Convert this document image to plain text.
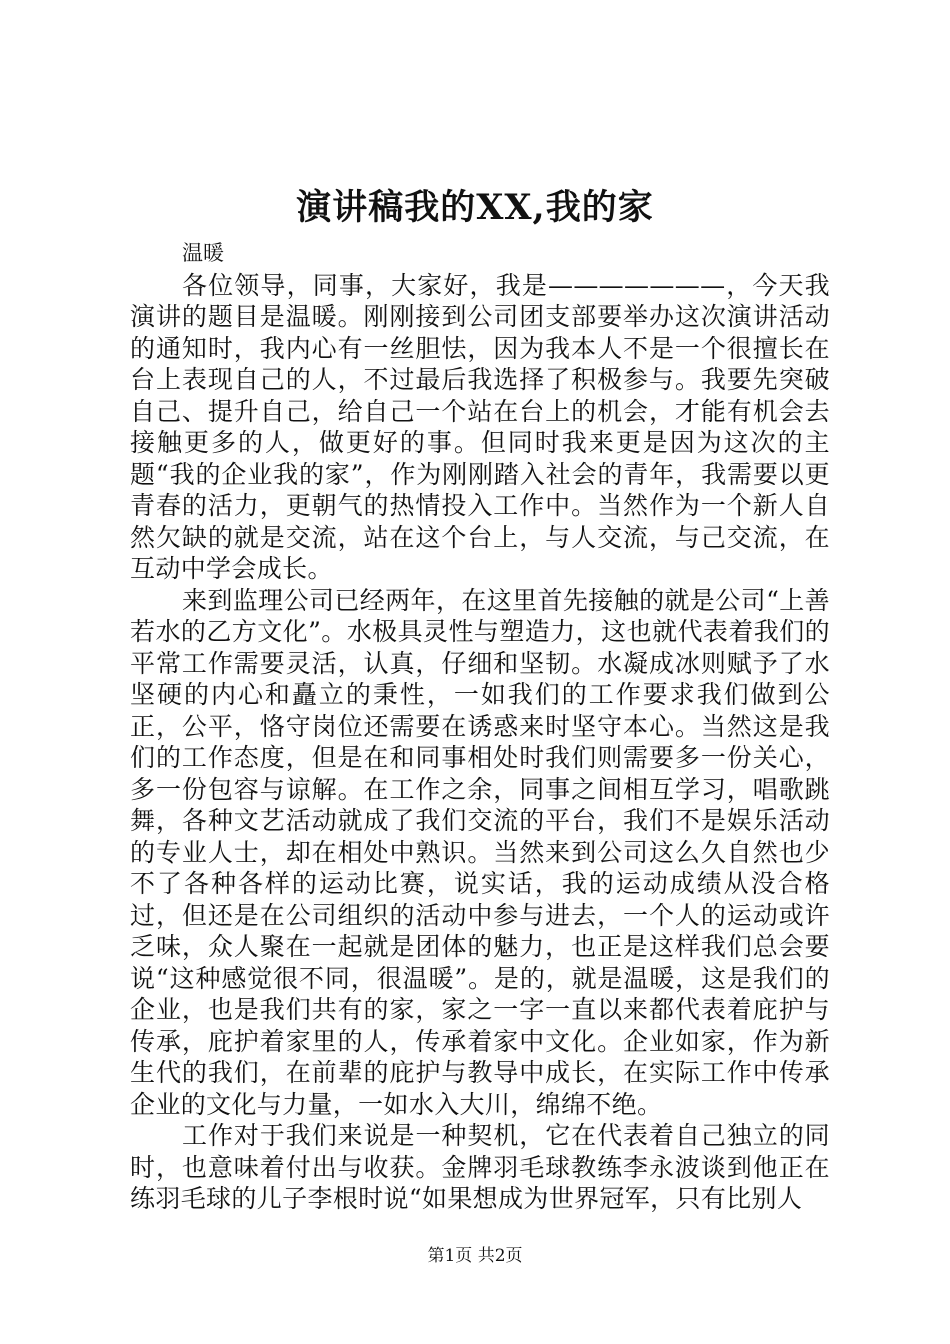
演讲稿我的XX,我的家

温暖

各位领导，同事，大家好，我是———————，今天我演讲的题目是温暖。刚刚接到公司团支部要举办这次演讲活动的通知时，我内心有一丝胆怯，因为我本人不是一个很擅长在台上表现自己的人，不过最后我选择了积极参与。我要先突破自己、提升自己，给自己一个站在台上的机会，才能有机会去接触更多的人，做更好的事。但同时我来更是因为这次的主题“我的企业我的家”，作为刚刚踏入社会的青年，我需要以更青春的活力，更朝气的热情投入工作中。当然作为一个新人自然欠缺的就是交流，站在这个台上，与人交流，与己交流，在互动中学会成长。

来到监理公司已经两年，在这里首先接触的就是公司“上善若水的乙方文化”。水极具灵性与塑造力，这也就代表着我们的平常工作需要灵活，认真，仔细和坚韧。水凝成冰则赋予了水坚硬的内心和矗立的秉性，一如我们的工作要求我们做到公正，公平，恪守岗位还需要在诱惑来时坚守本心。当然这是我们的工作态度，但是在和同事相处时我们则需要多一份关心，多一份包容与谅解。在工作之余，同事之间相互学习，唱歌跳舞，各种文艺活动就成了我们交流的平台，我们不是娱乐活动的专业人士，却在相处中熟识。当然来到公司这么久自然也少不了各种各样的运动比赛，说实话，我的运动成绩从没合格过，但还是在公司组织的活动中参与进去，一个人的运动或许乏味，众人聚在一起就是团体的魅力，也正是这样我们总会要说“这种感觉很不同，很温暖”。是的，就是温暖，这是我们的企业，也是我们共有的家，家之一字一直以来都代表着庇护与传承，庇护着家里的人，传承着家中文化。企业如家，作为新生代的我们，在前辈的庇护与教导中成长，在实际工作中传承企业的文化与力量，一如水入大川，绵绵不绝。

工作对于我们来说是一种契机，它在代表着自己独立的同时，也意味着付出与收获。金牌羽毛球教练李永波谈到他正在练羽毛球的儿子李根时说“如果想成为世界冠军，只有比别人

第1页 共2页
